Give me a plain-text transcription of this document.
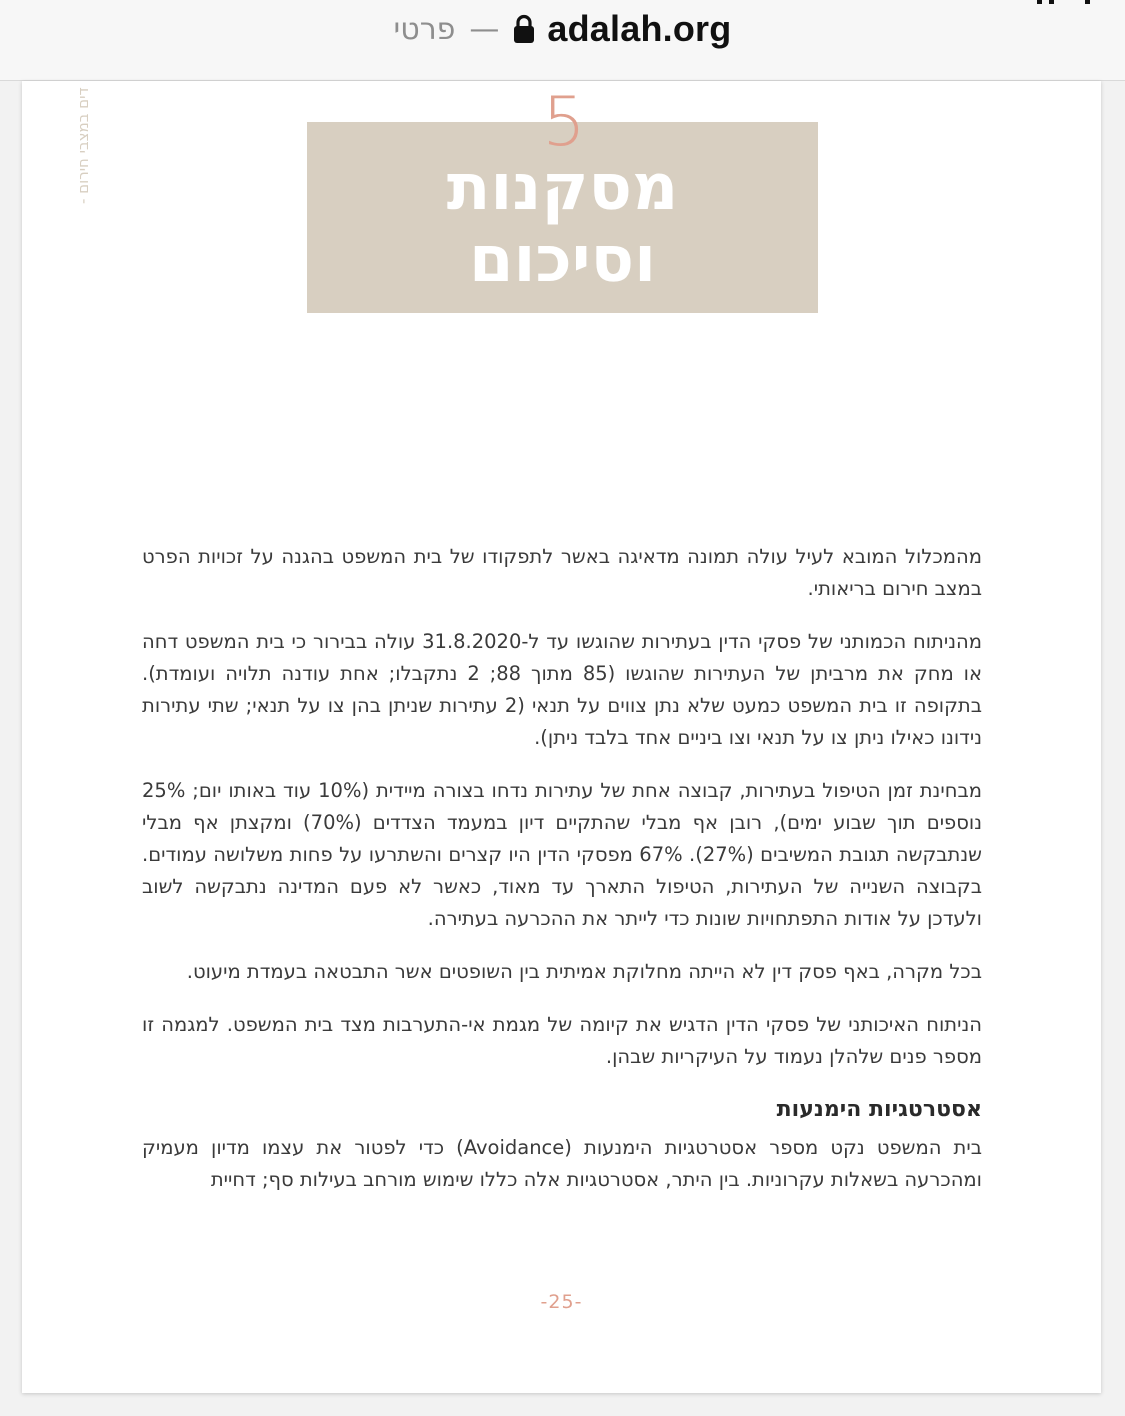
פרטי — adalah.org
דים במצבי חירום -	5
מסקנות
וסיכום

מהמכלול המובא לעיל עולה תמונה מדאיגה באשר לתפקודו של בית המשפט בהגנה על זכויות הפרט במצב חירום בריאותי.

מהניתוח הכמותני של פסקי הדין בעתירות שהוגשו עד ל-31.8.2020 עולה בבירור כי בית המשפט דחה או מחק את מרביתן של העתירות שהוגשו (85 מתוך 88; 2 נתקבלו; אחת עודנה תלויה ועומדת). בתקופה זו בית המשפט כמעט שלא נתן צווים על תנאי (2 עתירות שניתן בהן צו על תנאי; שתי עתירות נידונו כאילו ניתן צו על תנאי וצו ביניים אחד בלבד ניתן).

מבחינת זמן הטיפול בעתירות, קבוצה אחת של עתירות נדחו בצורה מיידית (10% עוד באותו יום; 25% נוספים תוך שבוע ימים), רובן אף מבלי שהתקיים דיון במעמד הצדדים (70%) ומקצתן אף מבלי שנתבקשה תגובת המשיבים (27%). 67% מפסקי הדין היו קצרים והשתרעו על פחות משלושה עמודים. בקבוצה השנייה של העתירות, הטיפול התארך עד מאוד, כאשר לא פעם המדינה נתבקשה לשוב ולעדכן על אודות התפתחויות שונות כדי לייתר את ההכרעה בעתירה.

בכל מקרה, באף פסק דין לא הייתה מחלוקת אמיתית בין השופטים אשר התבטאה בעמדת מיעוט.

הניתוח האיכותני של פסקי הדין הדגיש את קיומה של מגמת אי-התערבות מצד בית המשפט. למגמה זו מספר פנים שלהלן נעמוד על העיקריות שבהן.

אסטרטגיות הימנעות

בית המשפט נקט מספר אסטרטגיות הימנעות (Avoidance) כדי לפטור את עצמו מדיון מעמיק ומהכרעה בשאלות עקרוניות. בין היתר, אסטרטגיות אלה כללו שימוש מורחב בעילות סף; דחיית

-25-
